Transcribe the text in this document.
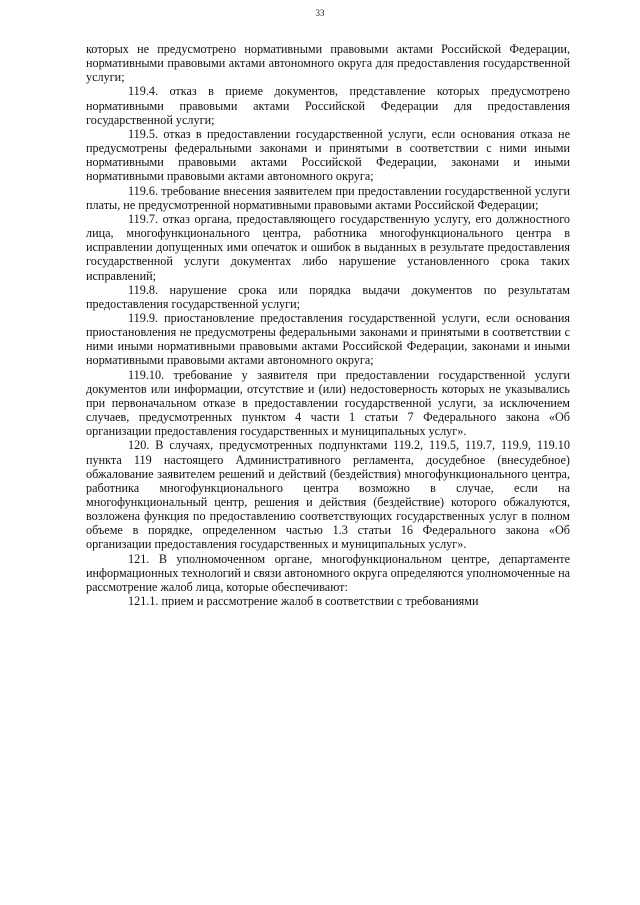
33

которых не предусмотрено нормативными правовыми актами Российской Федерации, нормативными правовыми актами автономного округа для предоставления государственной услуги;

119.4. отказ в приеме документов, представление которых предусмотрено нормативными правовыми актами Российской Федерации для предоставления государственной услуги;

119.5. отказ в предоставлении государственной услуги, если основания отказа не предусмотрены федеральными законами и принятыми в соответствии с ними иными нормативными правовыми актами Российской Федерации, законами и иными нормативными правовыми актами автономного округа;

119.6. требование внесения заявителем при предоставлении государственной услуги платы, не предусмотренной нормативными правовыми актами Российской Федерации;

119.7. отказ органа, предоставляющего государственную услугу, его должностного лица, многофункционального центра, работника многофункционального центра в исправлении допущенных ими опечаток и ошибок в выданных в результате предоставления государственной услуги документах либо нарушение установленного срока таких исправлений;

119.8. нарушение срока или порядка выдачи документов по результатам предоставления государственной услуги;

119.9. приостановление предоставления государственной услуги, если основания приостановления не предусмотрены федеральными законами и принятыми в соответствии с ними иными нормативными правовыми актами Российской Федерации, законами и иными нормативными правовыми актами автономного округа;

119.10. требование у заявителя при предоставлении государственной услуги документов или информации, отсутствие и (или) недостоверность которых не указывались при первоначальном отказе в предоставлении государственной услуги, за исключением случаев, предусмотренных пунктом 4 части 1 статьи 7 Федерального закона «Об организации предоставления государственных и муниципальных услуг».

120. В случаях, предусмотренных подпунктами 119.2, 119.5, 119.7, 119.9, 119.10 пункта 119 настоящего Административного регламента, досудебное (внесудебное) обжалование заявителем решений и действий (бездействия) многофункционального центра, работника многофункционального центра возможно в случае, если на многофункциональный центр, решения и действия (бездействие) которого обжалуются, возложена функция по предоставлению соответствующих государственных услуг в полном объеме в порядке, определенном частью 1.3 статьи 16 Федерального закона «Об организации предоставления государственных и муниципальных услуг».

121. В уполномоченном органе, многофункциональном центре, департаменте информационных технологий и связи автономного округа определяются уполномоченные на рассмотрение жалоб лица, которые обеспечивают:

121.1. прием и рассмотрение жалоб в соответствии с требованиями
